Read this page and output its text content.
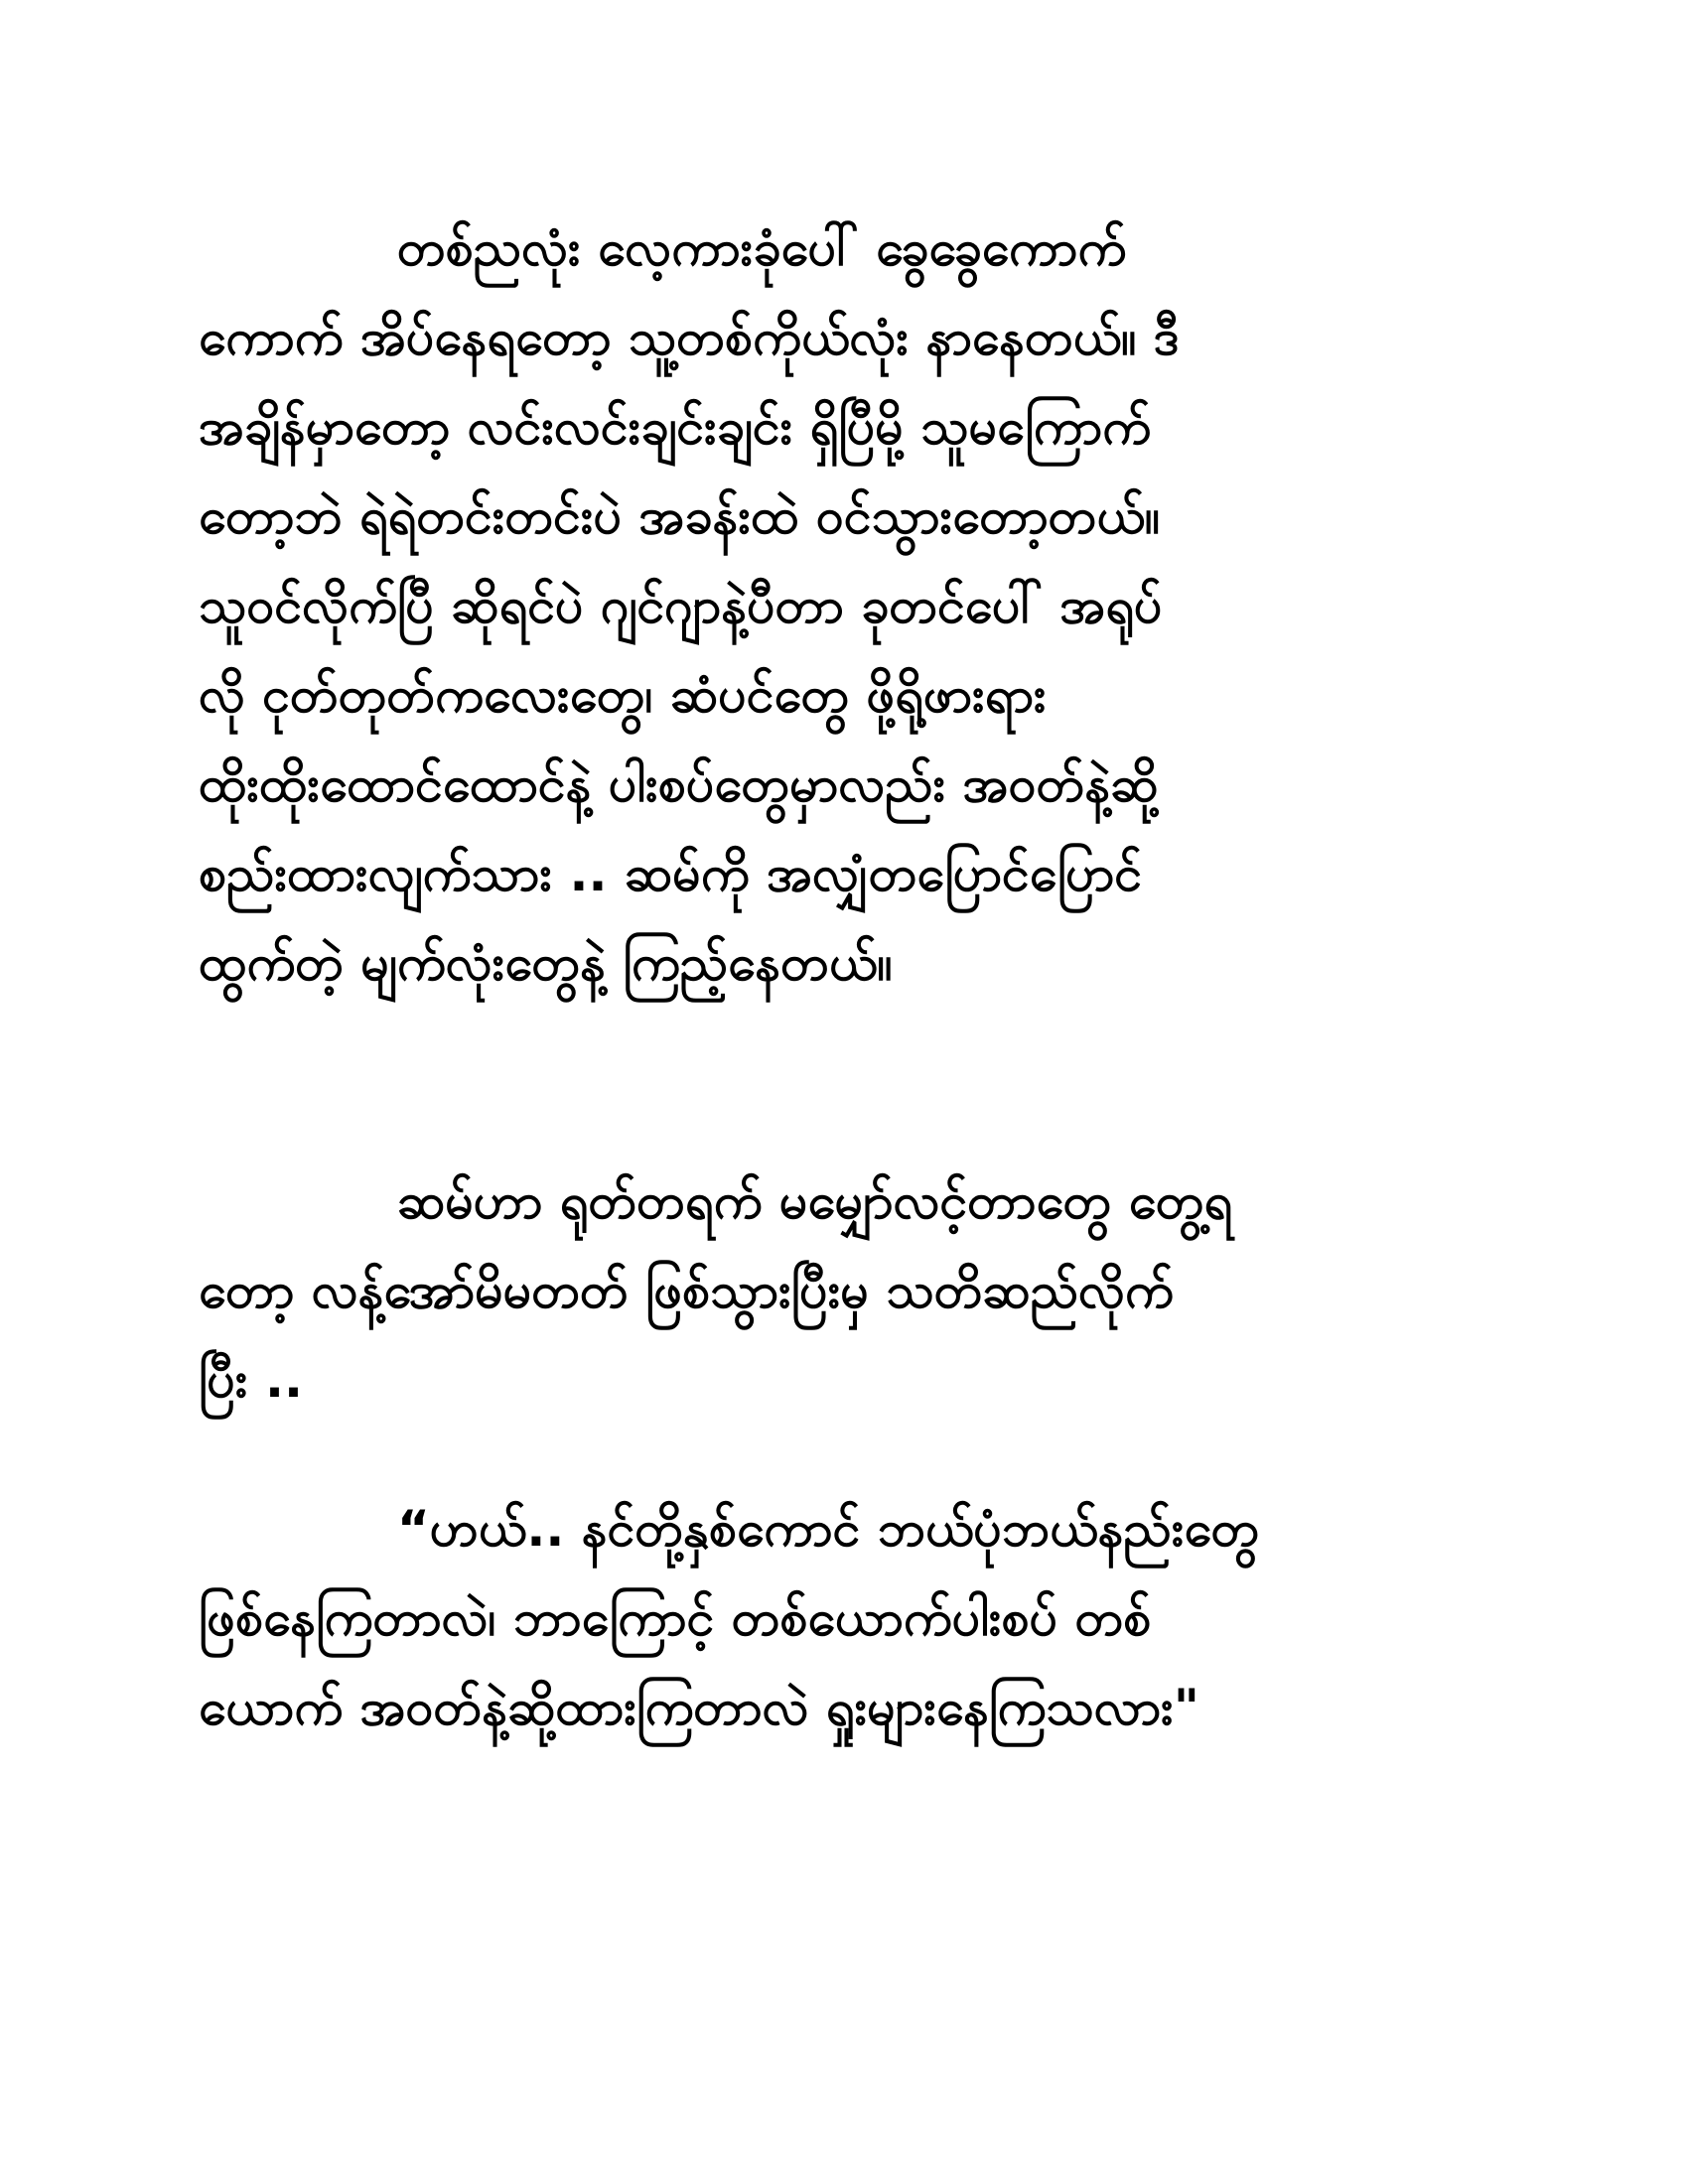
တစ်ညလုံး လေ့ကားခုံပေါ် ခွေခွေကောက်
ကောက် အိပ်နေရတော့ သူ့တစ်ကိုယ်လုံး နာနေတယ်။ ဒီ
အချိန်မှာတော့ လင်းလင်းချင်းချင်း ရှိပြီမို့ သူမကြောက်
တော့ဘဲ ရဲရဲတင်းတင်းပဲ အခန်းထဲ ဝင်သွားတော့တယ်။
သူဝင်လိုက်ပြီ ဆိုရင်ပဲ ဂျင်ဂျာနဲ့ပီတာ ခုတင်ပေါ် အရုပ်
လို ငုတ်တုတ်ကလေးတွေ၊ ဆံပင်တွေ ဖို့ရို့ဖားရား
ထိုးထိုးထောင်ထောင်နဲ့ ပါးစပ်တွေမှာလည်း အဝတ်နဲ့ဆို့
စည်းထားလျက်သား .. ဆမ်ကို အလျှံတပြောင်ပြောင်
ထွက်တဲ့ မျက်လုံးတွေနဲ့ ကြည့်နေတယ်။
ဆမ်ဟာ ရုတ်တရက် မမျှော်လင့်တာတွေ တွေ့ရ
တော့ လန့်အော်မိမတတ် ဖြစ်သွားပြီးမှ သတိဆည်လိုက်
ပြီး ..
“ဟယ်.. နင်တို့နှစ်ကောင် ဘယ်ပုံဘယ်နည်းတွေ
ဖြစ်နေကြတာလဲ၊ ဘာကြောင့် တစ်ယောက်ပါးစပ် တစ်
ယောက် အဝတ်နဲ့ဆို့ထားကြတာလဲ ရှုးများနေကြသလား"
